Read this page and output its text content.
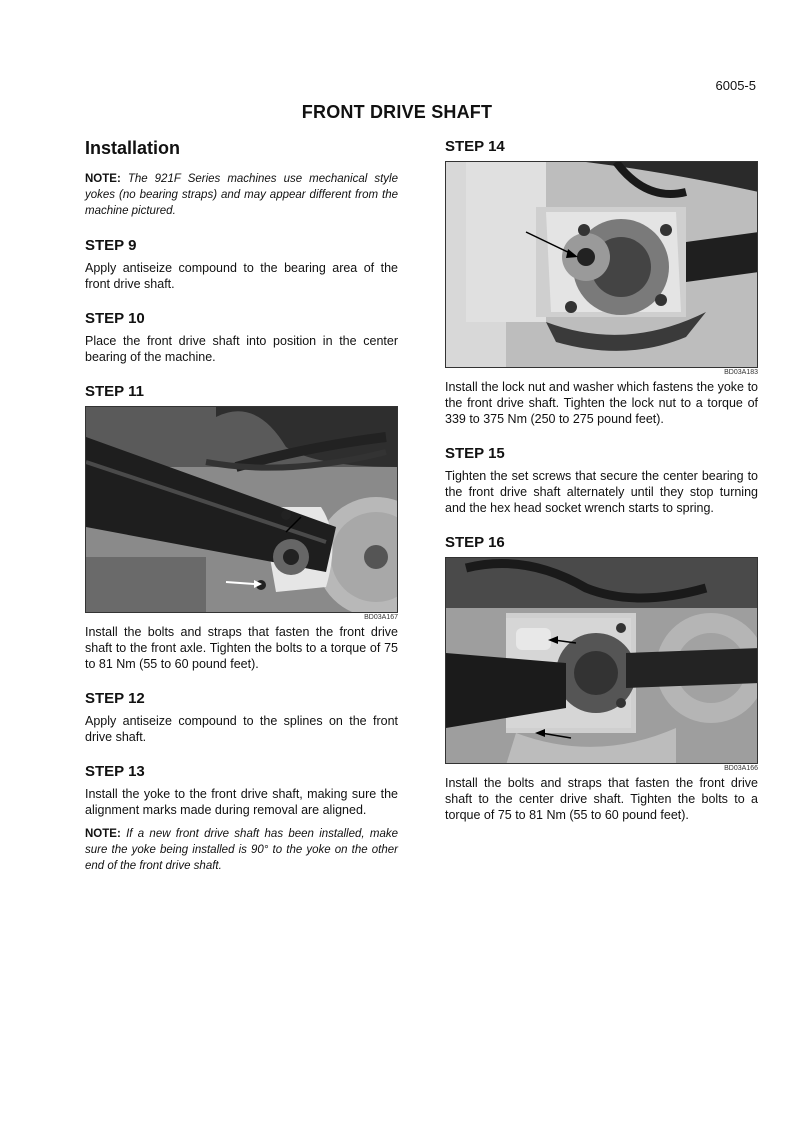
6005-5
FRONT DRIVE SHAFT
Installation

NOTE: The 921F Series machines use mechanical style yokes (no bearing straps) and may appear different from the machine pictured.

STEP 9

Apply antiseize compound to the bearing area of the front drive shaft.

STEP 10

Place the front drive shaft into position in the center bearing of the machine.

STEP 11
BD03A167

Install the bolts and straps that fasten the front drive shaft to the front axle. Tighten the bolts to a torque of 75 to 81 Nm (55 to 60 pound feet).

STEP 12

Apply antiseize compound to the splines on the front drive shaft.

STEP 13

Install the yoke to the front drive shaft, making sure the alignment marks made during removal are aligned.

NOTE: If a new front drive shaft has been installed, make sure the yoke being installed is 90° to the yoke on the other end of the front drive shaft.

STEP 14
BD03A183

Install the lock nut and washer which fastens the yoke to the front drive shaft. Tighten the lock nut to a torque of 339 to 375 Nm (250 to 275 pound feet).

STEP 15

Tighten the set screws that secure the center bearing to the front drive shaft alternately until they stop turning and the hex head socket wrench starts to spring.

STEP 16
BD03A166

Install the bolts and straps that fasten the front drive shaft to the center drive shaft. Tighten the bolts to a torque of 75 to 81 Nm (55 to 60 pound feet).
